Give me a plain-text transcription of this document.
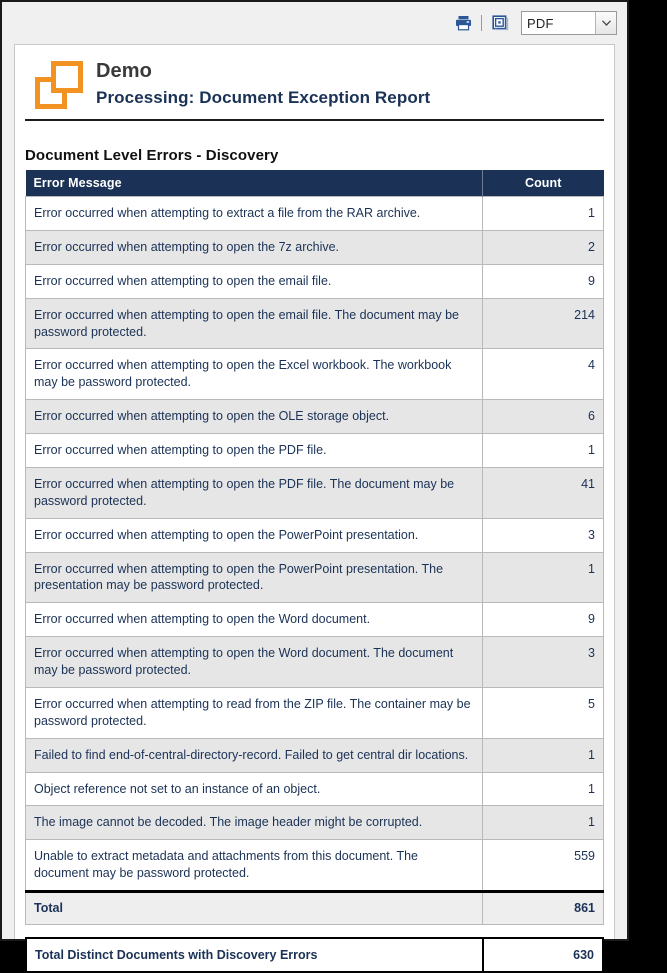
PDF
Demo
Processing: Document Exception Report
Document Level Errors - Discovery
Error Message	Count
Error occurred when attempting to extract a file from the RAR archive.	1
Error occurred when attempting to open the 7z archive.	2
Error occurred when attempting to open the email file.	9
Error occurred when attempting to open the email file. The document may be password protected.	214
Error occurred when attempting to open the Excel workbook. The workbook may be password protected.	4
Error occurred when attempting to open the OLE storage object.	6
Error occurred when attempting to open the PDF file.	1
Error occurred when attempting to open the PDF file. The document may be password protected.	41
Error occurred when attempting to open the PowerPoint presentation.	3
Error occurred when attempting to open the PowerPoint presentation. The presentation may be password protected.	1
Error occurred when attempting to open the Word document.	9
Error occurred when attempting to open the Word document. The document may be password protected.	3
Error occurred when attempting to read from the ZIP file. The container may be password protected.	5
Failed to find end-of-central-directory-record. Failed to get central dir locations.	1
Object reference not set to an instance of an object.	1
The image cannot be decoded. The image header might be corrupted.	1
Unable to extract metadata and attachments from this document. The document may be password protected.	559
Total	861
Total Distinct Documents with Discovery Errors	630
